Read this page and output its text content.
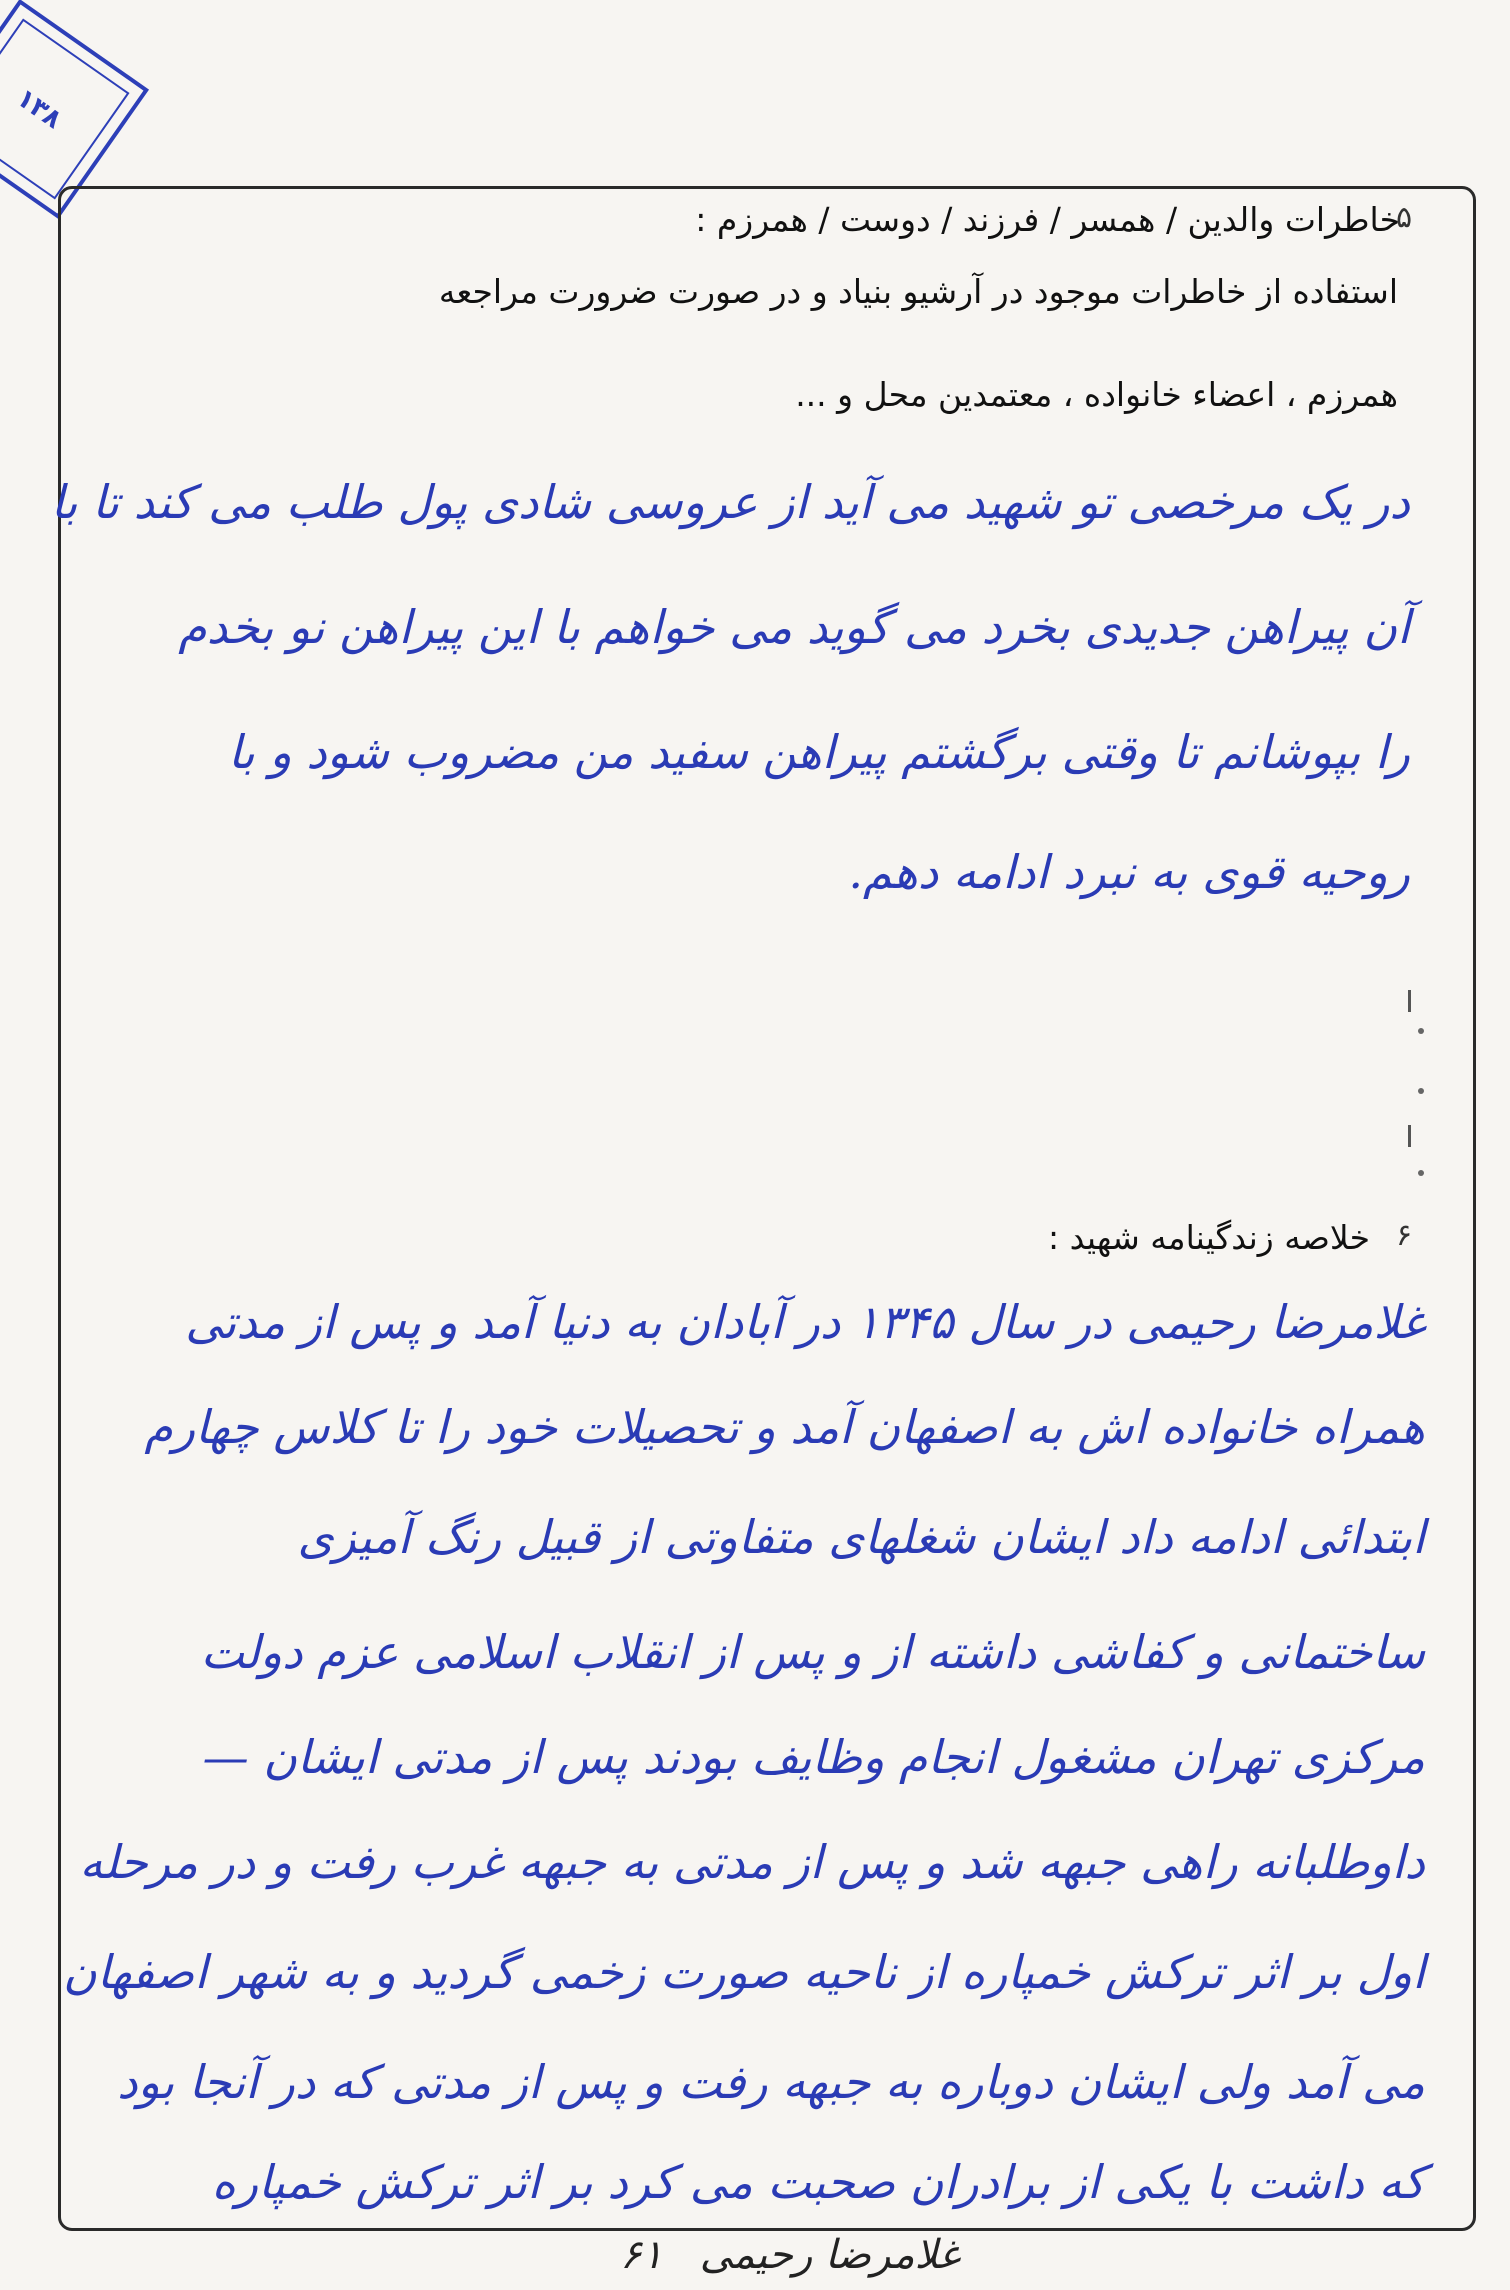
۱۳۸
۵
خاطرات والدین / همسر / فرزند / دوست / همرزم :
استفاده از خاطرات موجود در آرشیو بنیاد و در صورت ضرورت مراجعه
همرزم ، اعضاء خانواده ، معتمدین محل و ...
در یک مرخصی تو شهید می آید از عروسی شادی پول طلب می کند تا با
آن پیراهن جدیدی بخرد می گوید می خواهم با این پیراهن نو بخدم
را بپوشانم تا وقتی برگشتم پیراهن سفید من مضروب شود و با
روحیه قوی به نبرد ادامه دهم.
۶
خلاصه زندگینامه شهید :
غلامرضا رحیمی در سال ۱۳۴۵ در آبادان به دنیا آمد و پس از مدتی
همراه خانواده اش به اصفهان آمد و تحصیلات خود را تا کلاس چهارم
ابتدائی ادامه داد ایشان شغلهای متفاوتی از قبیل رنگ آمیزی
ساختمانی و کفاشی داشته از و پس از انقلاب اسلامی عزم دولت
مرکزی تهران مشغول انجام وظایف بودند پس از مدتی ایشان —
داوطلبانه راهی جبهه شد و پس از مدتی به جبهه غرب رفت و در مرحله
اول بر اثر ترکش خمپاره از ناحیه صورت زخمی گردید و به شهر اصفهان
می آمد ولی ایشان دوباره به جبهه رفت و پس از مدتی که در آنجا بود
که داشت با یکی از برادران صحبت می کرد بر اثر ترکش خمپاره
غلامرضا رحیمی ۶۱
